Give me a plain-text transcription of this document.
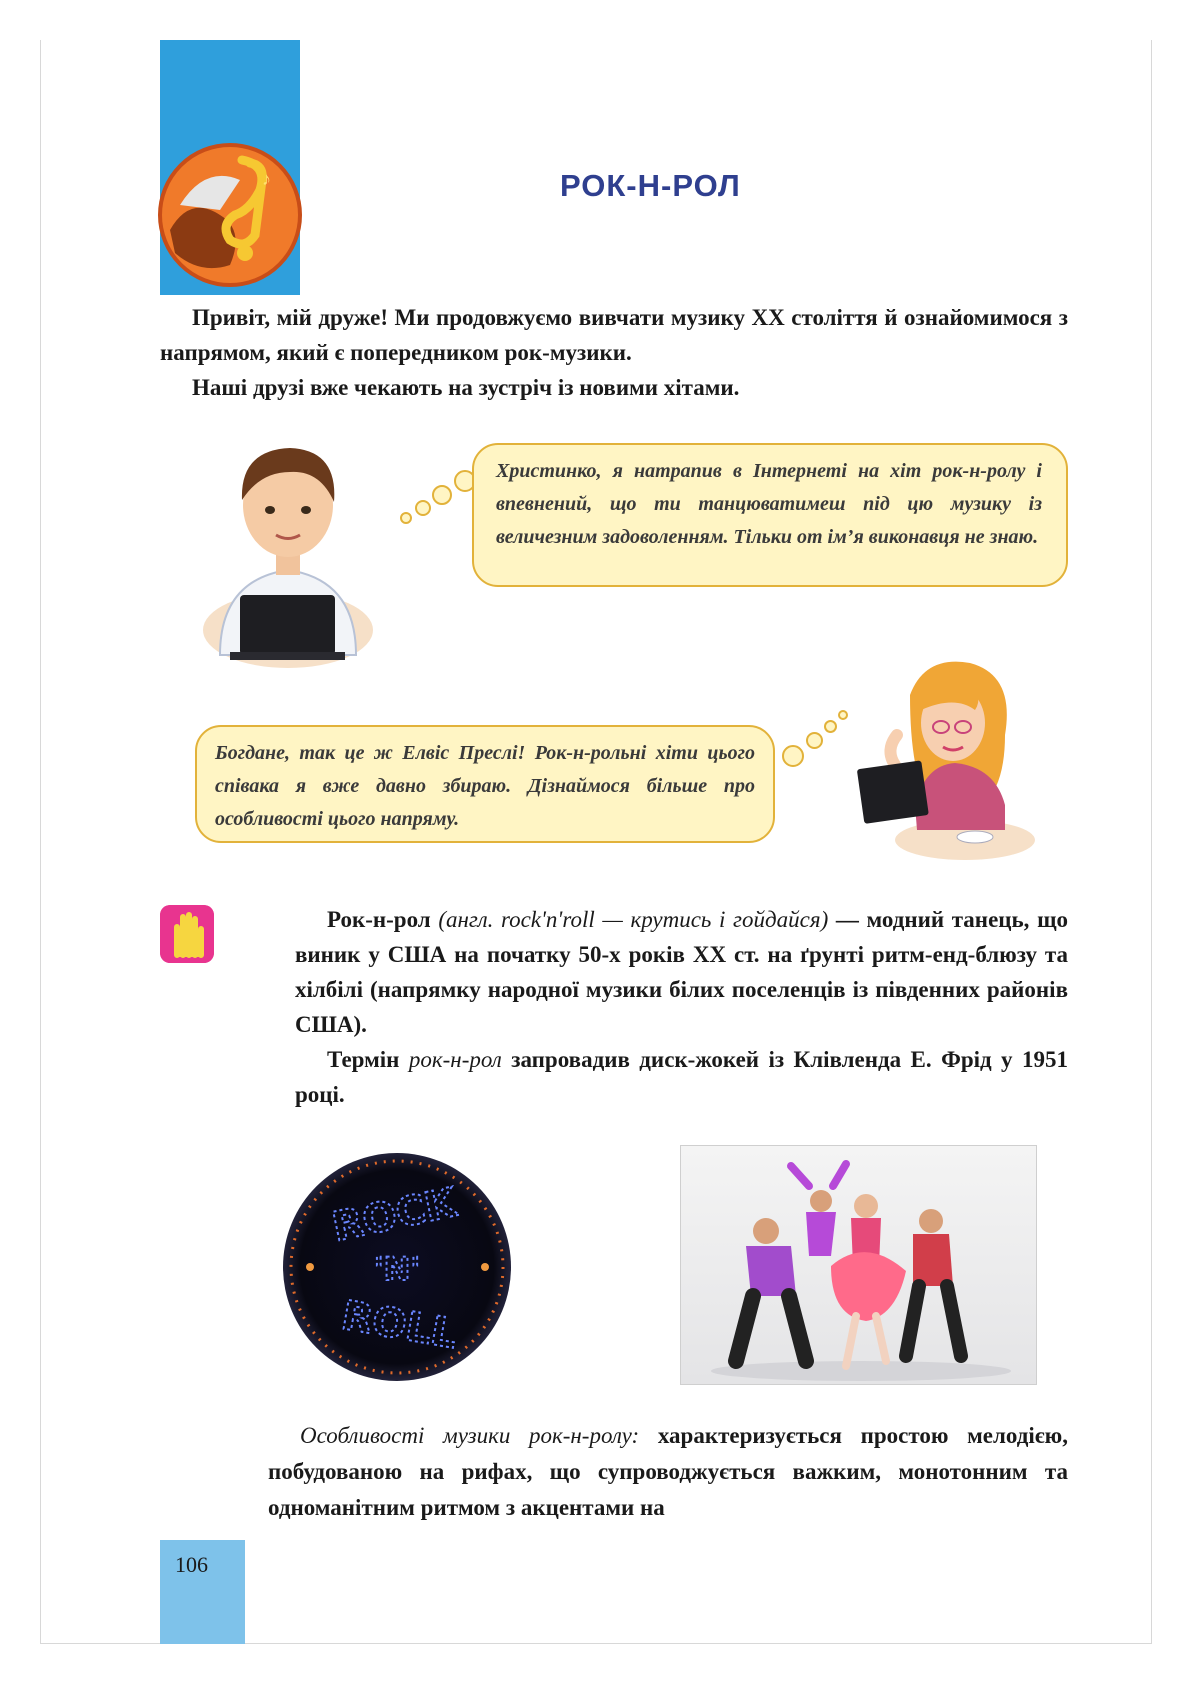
♪	РОК-Н-РОЛ

Привіт, мій друже! Ми продовжуємо вивчати музику ХХ століття й ознайомимося з напрямом, який є попередником рок-музики.

Наші друзі вже чекають на зустріч із новими хітами.

Христинко, я натрапив в Інтернеті на хіт рок-н-ролу і впевнений, що ти танцюватимеш під цю музику із величезним задоволенням. Тільки от ім’я виконавця не знаю.
Богдане, так це ж Елвіс Преслі! Рок-н-рольні хіти цього співака я вже давно збираю. Дізнаймося більше про особливості цього напряму.

Рок-н-рол (англ. rock'n'roll — крутись і гойдайся) — модний танець, що виник у США на початку 50-х років ХХ ст. на ґрунті ритм-енд-блюзу та хілбілі (напрямку народної музики білих поселенців із південних районів США).

Термін рок-н-рол запровадив диск-жокей із Клівленда Е. Фрід у 1951 році.

ROCK
'N'
ROLL

Особливості музики рок-н-ролу: характеризується простою мелодією, побудованою на рифах, що супроводжується важким, монотонним та одноманітним ритмом з акцентами на

106
